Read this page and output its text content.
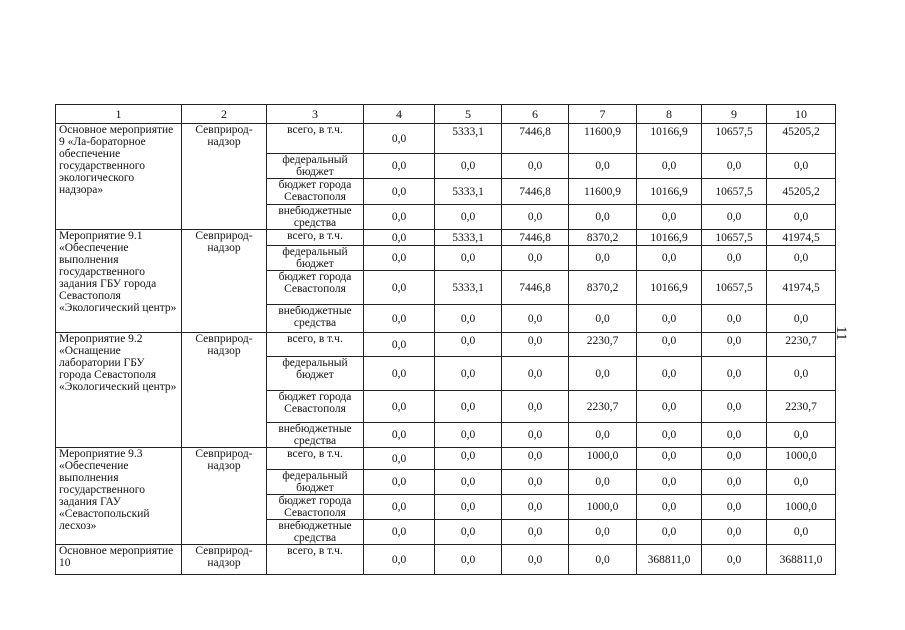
11
1	2	3	4	5	6	7	8	9	10
Основное мероприятие 9 «Ла-бораторное обеспечение государственного экологического надзора»	Севприрод-надзор	всего, в т.ч.	0,0	5333,1	7446,8	11600,9	10166,9	10657,5	45205,2
		федеральный бюджет	0,0	0,0	0,0	0,0	0,0	0,0	0,0
		бюджет города Севастополя	0,0	5333,1	7446,8	11600,9	10166,9	10657,5	45205,2
		внебюджетные средства	0,0	0,0	0,0	0,0	0,0	0,0	0,0
Мероприятие 9.1 «Обеспечение выполнения государственного задания ГБУ города Севастополя «Экологический центр»	Севприрод-надзор	всего, в т.ч.	0,0	5333,1	7446,8	8370,2	10166,9	10657,5	41974,5
		федеральный бюджет	0,0	0,0	0,0	0,0	0,0	0,0	0,0
		бюджет города Севастополя	0,0	5333,1	7446,8	8370,2	10166,9	10657,5	41974,5
		внебюджетные средства	0,0	0,0	0,0	0,0	0,0	0,0	0,0
Мероприятие 9.2 «Оснащение лаборатории ГБУ города Севастополя «Экологический центр»	Севприрод-надзор	всего, в т.ч.	0,0	0,0	0,0	2230,7	0,0	0,0	2230,7
		федеральный бюджет	0,0	0,0	0,0	0,0	0,0	0,0	0,0
		бюджет города Севастополя	0,0	0,0	0,0	2230,7	0,0	0,0	2230,7
		внебюджетные средства	0,0	0,0	0,0	0,0	0,0	0,0	0,0
Мероприятие 9.3 «Обеспечение выполнения государственного задания ГАУ «Севастопольский лесхоз»	Севприрод-надзор	всего, в т.ч.	0,0	0,0	0,0	1000,0	0,0	0,0	1000,0
		федеральный бюджет	0,0	0,0	0,0	0,0	0,0	0,0	0,0
		бюджет города Севастополя	0,0	0,0	0,0	1000,0	0,0	0,0	1000,0
		внебюджетные средства	0,0	0,0	0,0	0,0	0,0	0,0	0,0
Основное мероприятие 10	Севприрод-надзор	всего, в т.ч.	0,0	0,0	0,0	0,0	368811,0	0,0	368811,0
